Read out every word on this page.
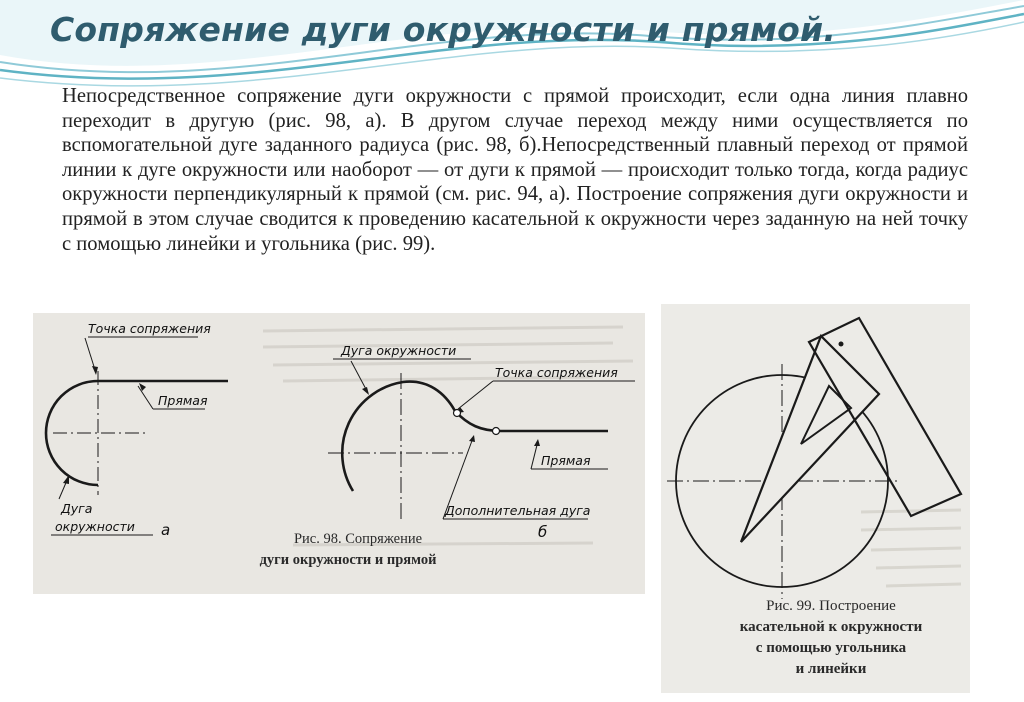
Сопряжение дуги окружности и прямой.
Непосредственное сопряжение дуги окружности с прямой происходит, если одна линия плавно переходит в другую (рис. 98, а). В другом случае переход между ними осуществляется по вспомогательной дуге заданного радиуса (рис. 98, б).Непосредственный плавный переход от прямой линии к дуге окружности или наоборот — от дуги к прямой — происходит только тогда, когда радиус окружности перпендикулярный к прямой (см. рис. 94, а). Построение сопряжения дуги окружности и прямой в этом случае сводится к проведению касательной к окружности через заданную на ней точку с помощью линейки и угольника (рис. 99).
Точка сопряжения
Прямая
Дуга
окружности а
Дуга окружности
Точка сопряжения
Прямая
Дополнительная дуга
б
Рис. 98. Сопряжение
дуги окружности и прямой
Рис. 99. Построение
касательной к окружности
с помощью угольника
и линейки
